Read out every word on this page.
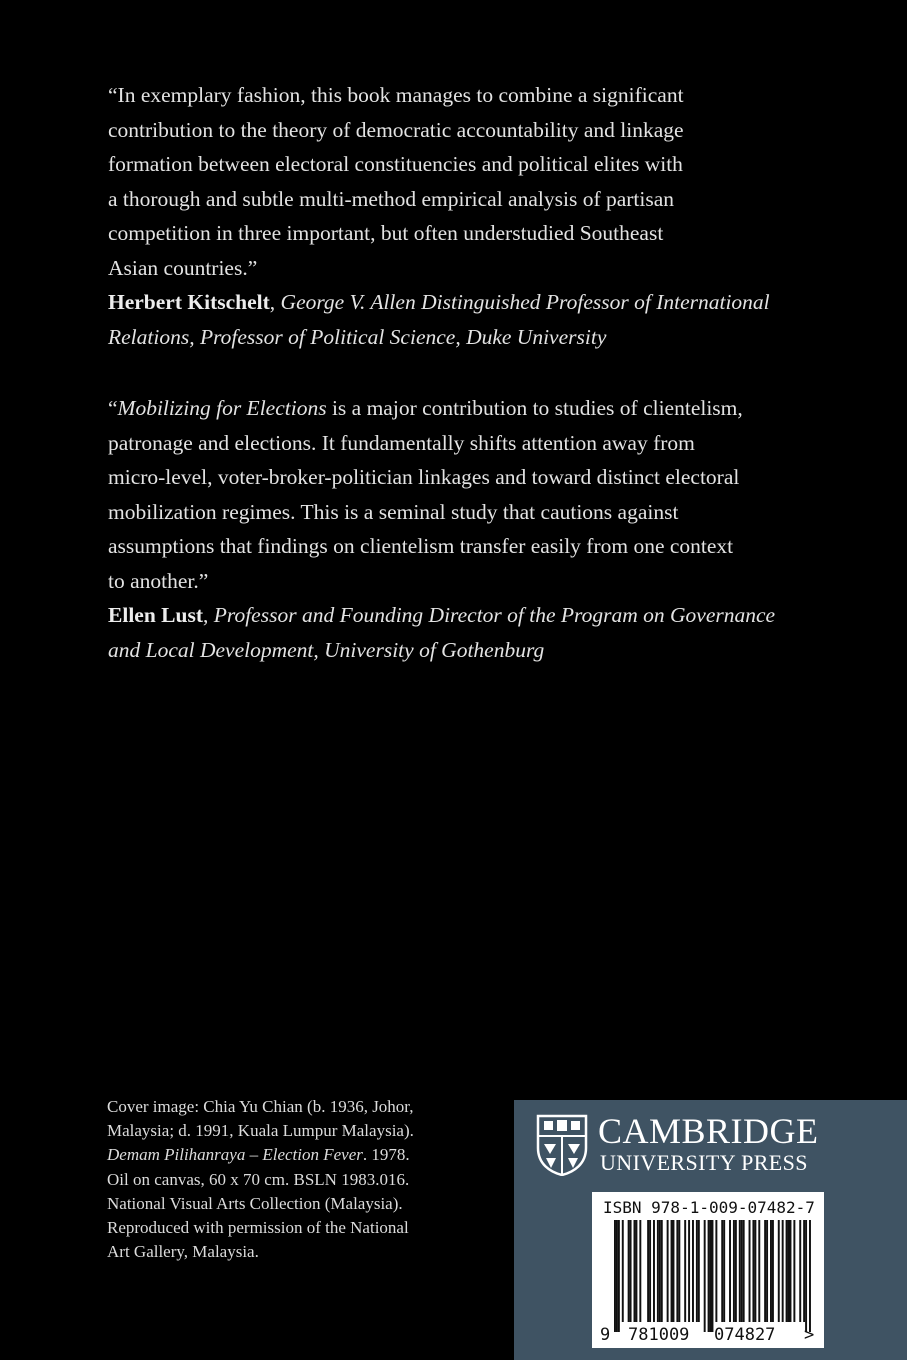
“In exemplary fashion, this book manages to combine a significant

contribution to the theory of democratic accountability and linkage

formation between electoral constituencies and political elites with

a thorough and subtle multi-method empirical analysis of partisan

competition in three important, but often understudied Southeast

Asian countries.”

Herbert Kitschelt, George V. Allen Distinguished Professor of International

Relations, Professor of Political Science, Duke University

“Mobilizing for Elections is a major contribution to studies of clientelism,

patronage and elections. It fundamentally shifts attention away from

micro-level, voter-broker-politician linkages and toward distinct electoral

mobilization regimes. This is a seminal study that cautions against

assumptions that findings on clientelism transfer easily from one context

to another.”

Ellen Lust, Professor and Founding Director of the Program on Governance

and Local Development, University of Gothenburg

Cover image: Chia Yu Chian (b. 1936, Johor,
Malaysia; d. 1991, Kuala Lumpur Malaysia).
Demam Pilihanraya – Election Fever. 1978.
Oil on canvas, 60 x 70 cm. BSLN 1983.016.
National Visual Arts Collection (Malaysia).
Reproduced with permission of the National
Art Gallery, Malaysia.
CAMBRIDGE
UNIVERSITY PRESS
9 781009 074827 >
ISBN 978-1-009-07482-7
